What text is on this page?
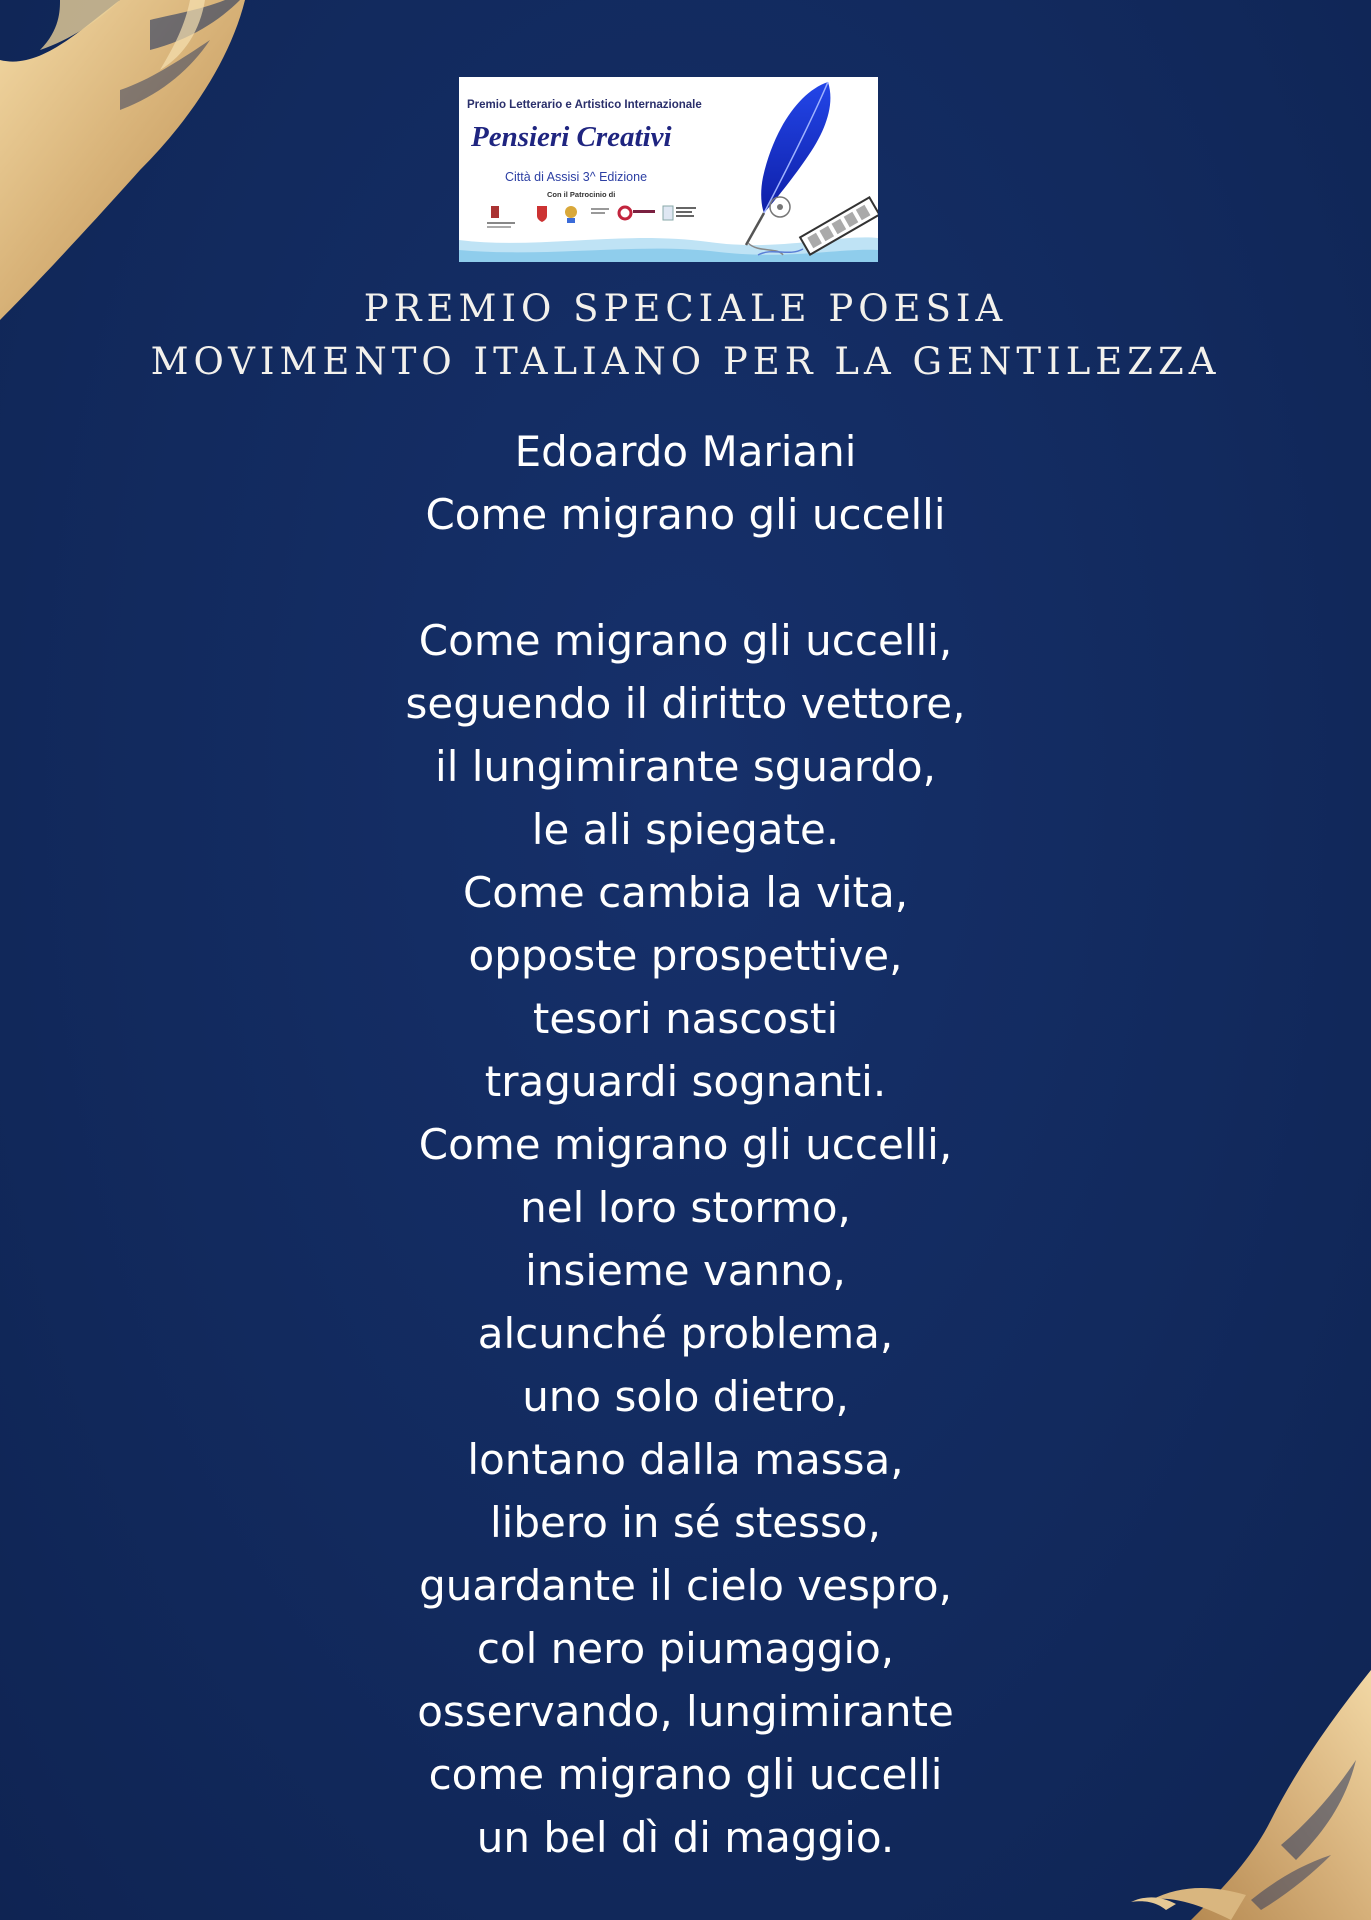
Premio Letterario e Artistico Internazionale
Pensieri Creativi
Città di Assisi 3^ Edizione
Con il Patrocinio di
PREMIO SPECIALE POESIA
MOVIMENTO ITALIANO PER LA GENTILEZZA
Edoardo Mariani
Come migrano gli uccelli
Come migrano gli uccelli,
seguendo il diritto vettore,
il lungimirante sguardo,
le ali spiegate.
Come cambia la vita,
opposte prospettive,
tesori nascosti
traguardi sognanti.
Come migrano gli uccelli,
nel loro stormo,
insieme vanno,
alcunché problema,
uno solo dietro,
lontano dalla massa,
libero in sé stesso,
guardante il cielo vespro,
col nero piumaggio,
osservando, lungimirante
come migrano gli uccelli
un bel dì di maggio.
